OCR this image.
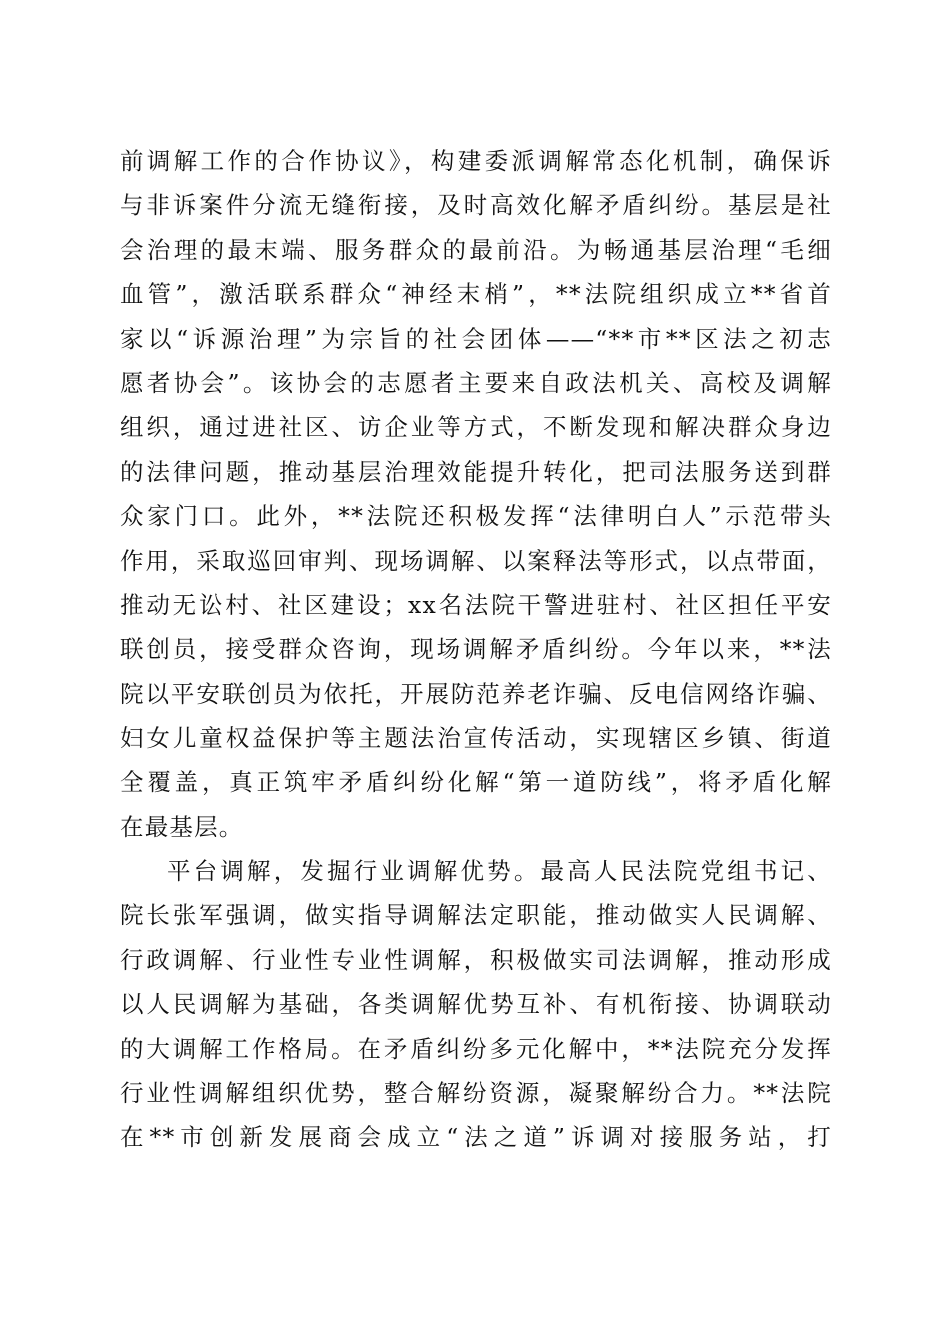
前调解工作的合作协议》，构建委派调解常态化机制，确保诉
与非诉案件分流无缝衔接，及时高效化解矛盾纠纷。基层是社
会治理的最末端、服务群众的最前沿。为畅通基层治理“毛细
血管”，激活联系群众“神经末梢”，**法院组织成立**省首
家以“诉源治理”为宗旨的社会团体——“**市**区法之初志
愿者协会”。该协会的志愿者主要来自政法机关、高校及调解
组织，通过进社区、访企业等方式，不断发现和解决群众身边
的法律问题，推动基层治理效能提升转化，把司法服务送到群
众家门口。此外，**法院还积极发挥“法律明白人”示范带头
作用，采取巡回审判、现场调解、以案释法等形式，以点带面，
推动无讼村、社区建设；xx名法院干警进驻村、社区担任平安
联创员，接受群众咨询，现场调解矛盾纠纷。今年以来，**法
院以平安联创员为依托，开展防范养老诈骗、反电信网络诈骗、
妇女儿童权益保护等主题法治宣传活动，实现辖区乡镇、街道
全覆盖，真正筑牢矛盾纠纷化解“第一道防线”，将矛盾化解
在最基层。
平台调解，发掘行业调解优势。最高人民法院党组书记、
院长张军强调，做实指导调解法定职能，推动做实人民调解、
行政调解、行业性专业性调解，积极做实司法调解，推动形成
以人民调解为基础，各类调解优势互补、有机衔接、协调联动
的大调解工作格局。在矛盾纠纷多元化解中，**法院充分发挥
行业性调解组织优势，整合解纷资源，凝聚解纷合力。**法院
在**市创新发展商会成立“法之道”诉调对接服务站，打
